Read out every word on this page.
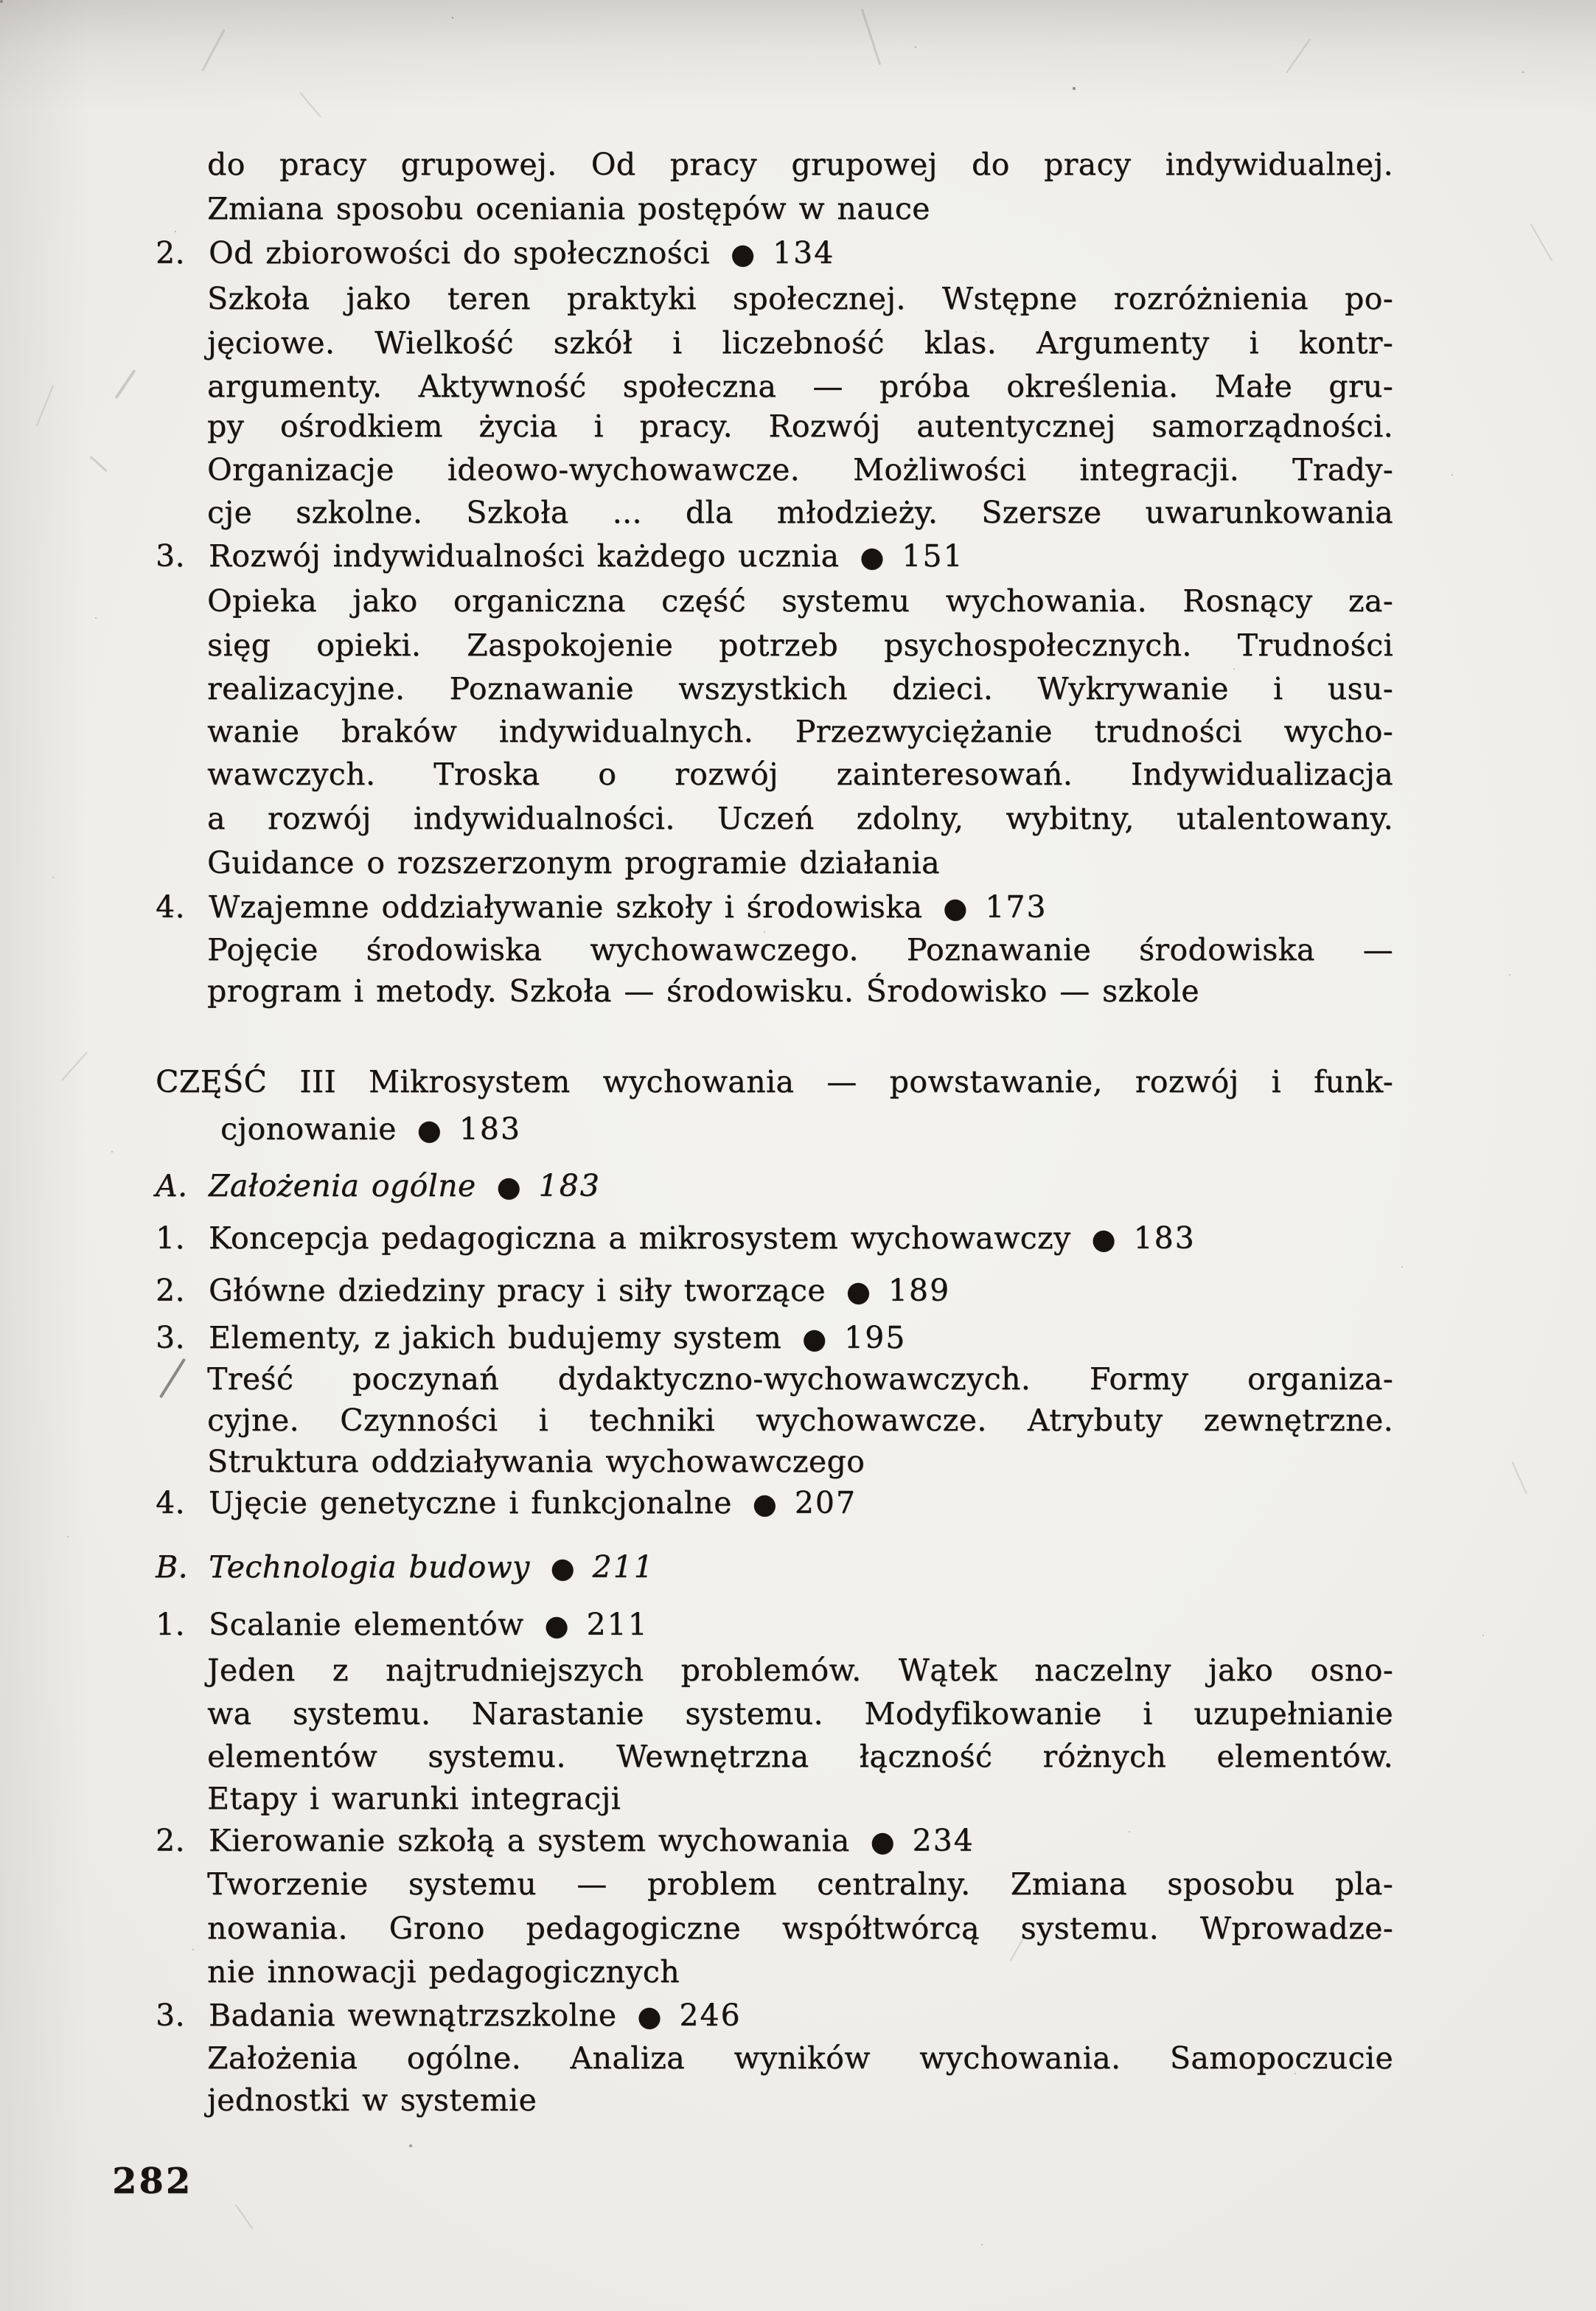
do pracy grupowej. Od pracy grupowej do pracy indywidualnej.
Zmiana sposobu oceniania postępów w nauce
2. Od zbiorowości do społeczności ● 134
Szkoła jako teren praktyki społecznej. Wstępne rozróżnienia po-
jęciowe. Wielkość szkół i liczebność klas. Argumenty i kontr-
argumenty. Aktywność społeczna — próba określenia. Małe gru-
py ośrodkiem życia i pracy. Rozwój autentycznej samorządności.
Organizacje ideowo-wychowawcze. Możliwości integracji. Trady-
cje szkolne. Szkoła ... dla młodzieży. Szersze uwarunkowania
3. Rozwój indywidualności każdego ucznia ● 151
Opieka jako organiczna część systemu wychowania. Rosnący za-
sięg opieki. Zaspokojenie potrzeb psychospołecznych. Trudności
realizacyjne. Poznawanie wszystkich dzieci. Wykrywanie i usu-
wanie braków indywidualnych. Przezwyciężanie trudności wycho-
wawczych. Troska o rozwój zainteresowań. Indywidualizacja
a rozwój indywidualności. Uczeń zdolny, wybitny, utalentowany.
Guidance o rozszerzonym programie działania
4. Wzajemne oddziaływanie szkoły i środowiska ● 173
Pojęcie środowiska wychowawczego. Poznawanie środowiska —
program i metody. Szkoła — środowisku. Środowisko — szkole
CZĘŚĆ III Mikrosystem wychowania — powstawanie, rozwój i funk-
cjonowanie ● 183
A. Założenia ogólne ● 183
1. Koncepcja pedagogiczna a mikrosystem wychowawczy ● 183
2. Główne dziedziny pracy i siły tworzące ● 189
3. Elementy, z jakich budujemy system ● 195
Treść poczynań dydaktyczno-wychowawczych. Formy organiza-
cyjne. Czynności i techniki wychowawcze. Atrybuty zewnętrzne.
Struktura oddziaływania wychowawczego
4. Ujęcie genetyczne i funkcjonalne ● 207
B. Technologia budowy ● 211
1. Scalanie elementów ● 211
Jeden z najtrudniejszych problemów. Wątek naczelny jako osno-
wa systemu. Narastanie systemu. Modyfikowanie i uzupełnianie
elementów systemu. Wewnętrzna łączność różnych elementów.
Etapy i warunki integracji
2. Kierowanie szkołą a system wychowania ● 234
Tworzenie systemu — problem centralny. Zmiana sposobu pla-
nowania. Grono pedagogiczne współtwórcą systemu. Wprowadze-
nie innowacji pedagogicznych
3. Badania wewnątrzszkolne ● 246
Założenia ogólne. Analiza wyników wychowania. Samopoczucie
jednostki w systemie
282
